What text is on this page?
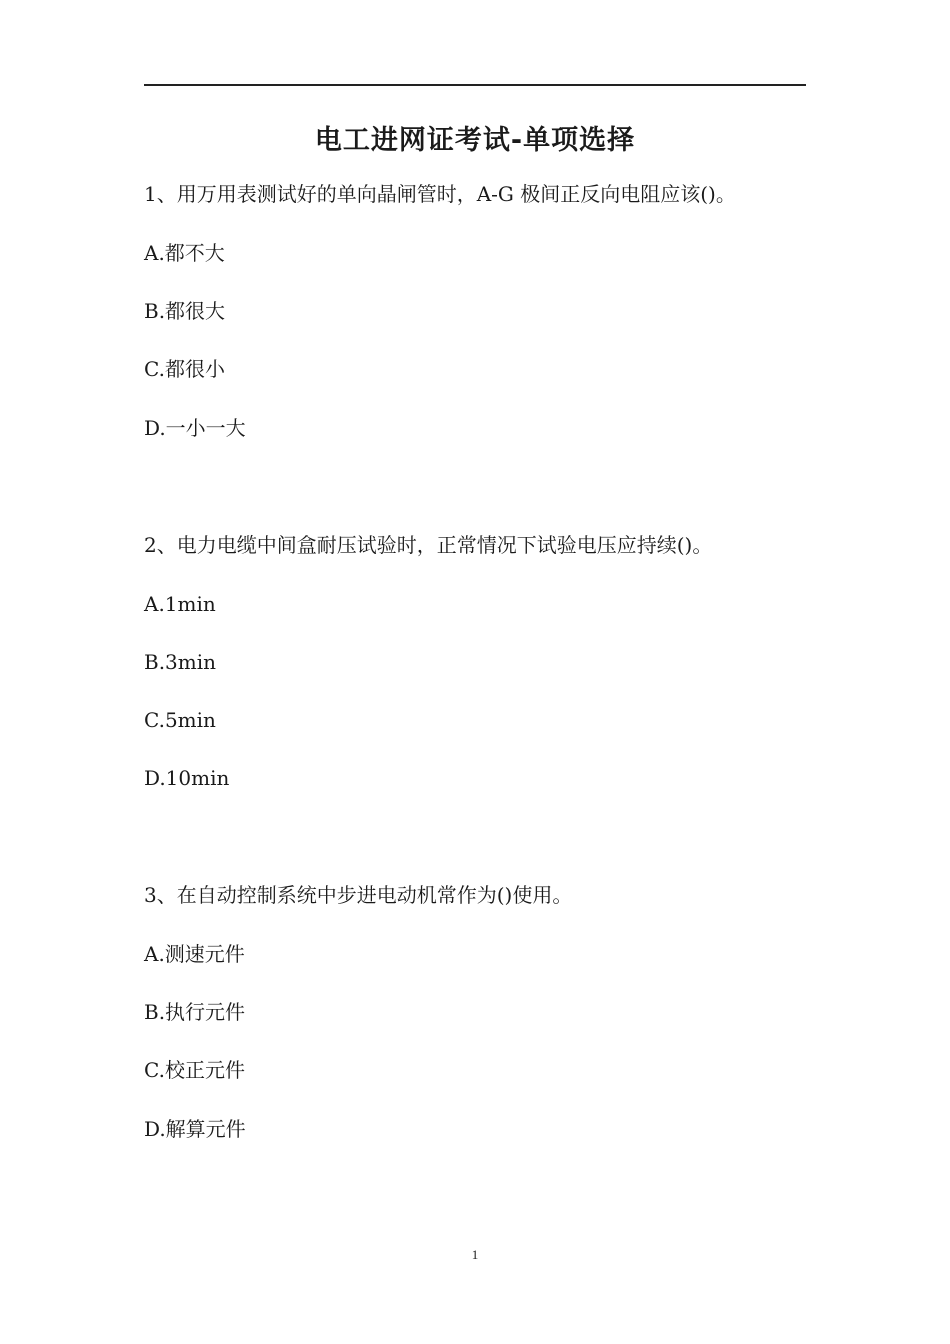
电工进网证考试-单项选择
1、用万用表测试好的单向晶闸管时，A-G 极间正反向电阻应该()。
A.都不大
B.都很大
C.都很小
D.一小一大
2、电力电缆中间盒耐压试验时，正常情况下试验电压应持续()。
A.1min
B.3min
C.5min
D.10min
3、在自动控制系统中步进电动机常作为()使用。
A.测速元件
B.执行元件
C.校正元件
D.解算元件
1
